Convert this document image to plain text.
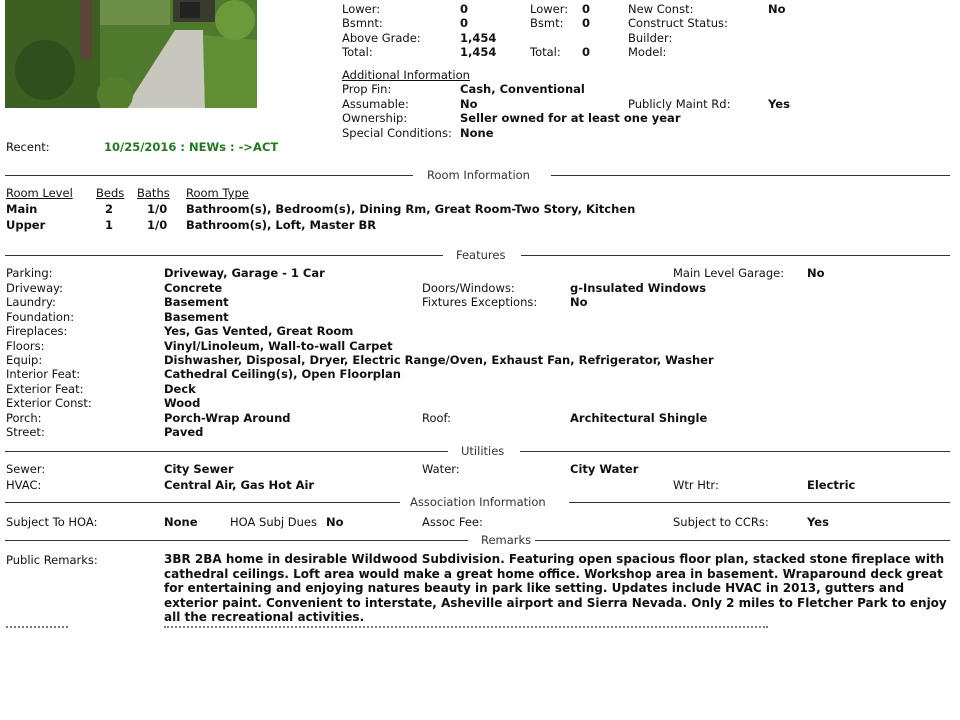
Lower:	0	Lower: 0	New Const:	No
Bsmnt:	0	Bsmt: 0	Construct Status:
Above Grade:	1,454	Builder:
Total:	1,454	Total: 0	Model:
Additional Information
Prop Fin:	Cash, Conventional
Assumable:	No	Publicly Maint Rd:	Yes
Ownership:	Seller owned for at least one year
Special Conditions: None
Recent:	10/25/2016 : NEWs : ->ACT
Room Information
Room Level Beds Baths Room Type
Main	2	1/0 Bathroom(s), Bedroom(s), Dining Rm, Great Room-Two Story, Kitchen
Upper	1	1/0 Bathroom(s), Loft, Master BR
Features
Parking:	Driveway, Garage - 1 Car	Main Level Garage: No
Driveway:	Concrete	Doors/Windows:	g-Insulated Windows
Laundry:	Basement	Fixtures Exceptions:	No
Foundation:	Basement
Fireplaces:	Yes, Gas Vented, Great Room
Floors:	Vinyl/Linoleum, Wall-to-wall Carpet
Equip:	Dishwasher, Disposal, Dryer, Electric Range/Oven, Exhaust Fan, Refrigerator, Washer
Interior Feat:	Cathedral Ceiling(s), Open Floorplan
Exterior Feat:	Deck
Exterior Const:	Wood
Porch:	Porch-Wrap Around	Roof:	Architectural Shingle
Street:	Paved
Utilities
Sewer:	City Sewer	Water:	City Water
HVAC:	Central Air, Gas Hot Air	Wtr Htr:	Electric
Association Information
Subject To HOA:	None	HOA Subj Dues No	Assoc Fee:	Subject to CCRs:	Yes
Remarks
Public Remarks:	3BR 2BA home in desirable Wildwood Subdivision. Featuring open spacious floor plan, stacked stone fireplace with cathedral ceilings. Loft area would make a great home office. Workshop area in basement. Wraparound deck great for entertaining and enjoying natures beauty in park like setting. Updates include HVAC in 2013, gutters and exterior paint. Convenient to interstate, Asheville airport and Sierra Nevada. Only 2 miles to Fletcher Park to enjoy all the recreational activities.
